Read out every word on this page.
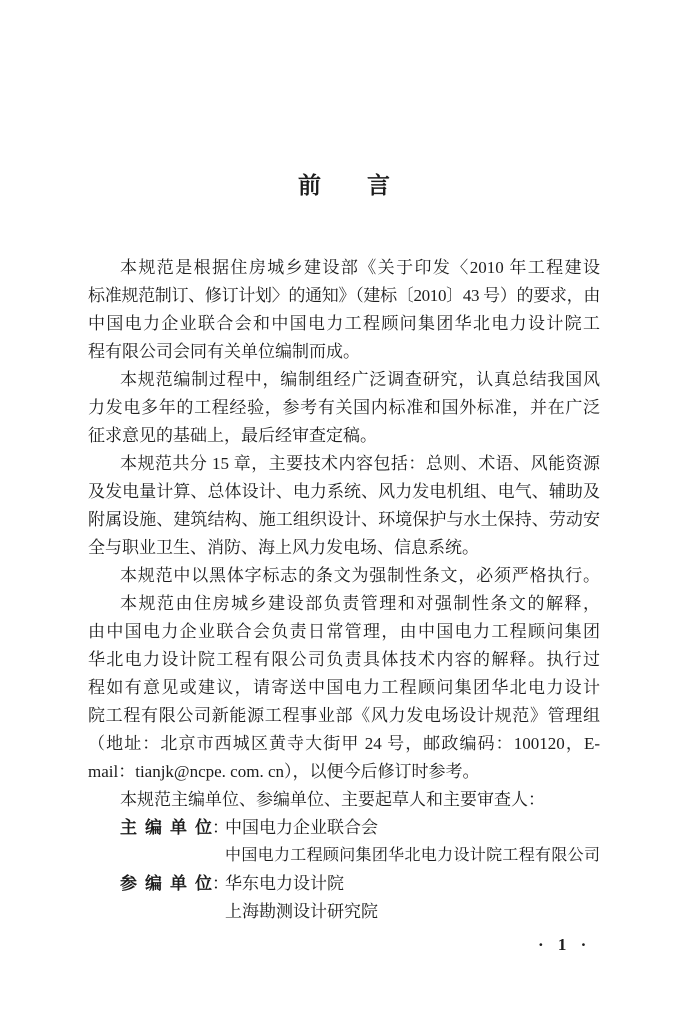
前言
本规范是根据住房城乡建设部《关于印发〈2010 年工程建设
标准规范制订、修订计划〉的通知》（建标〔2010〕43 号）的要求，由
中国电力企业联合会和中国电力工程顾问集团华北电力设计院工
程有限公司会同有关单位编制而成。
本规范编制过程中，编制组经广泛调查研究，认真总结我国风
力发电多年的工程经验，参考有关国内标准和国外标准，并在广泛
征求意见的基础上，最后经审查定稿。
本规范共分 15 章，主要技术内容包括：总则、术语、风能资源
及发电量计算、总体设计、电力系统、风力发电机组、电气、辅助及
附属设施、建筑结构、施工组织设计、环境保护与水土保持、劳动安
全与职业卫生、消防、海上风力发电场、信息系统。
本规范中以黑体字标志的条文为强制性条文，必须严格执行。
本规范由住房城乡建设部负责管理和对强制性条文的解释，
由中国电力企业联合会负责日常管理，由中国电力工程顾问集团
华北电力设计院工程有限公司负责具体技术内容的解释。执行过
程如有意见或建议，请寄送中国电力工程顾问集团华北电力设计
院工程有限公司新能源工程事业部《风力发电场设计规范》管理组
（地址：北京市西城区黄寺大街甲 24 号，邮政编码：100120，E-
mail：tianjk@ncpe. com. cn），以便今后修订时参考。
本规范主编单位、参编单位、主要起草人和主要审查人：
主编单位：中国电力企业联合会
中国电力工程顾问集团华北电力设计院工程有限公司
参编单位：华东电力设计院
上海勘测设计研究院
· 1 ·
